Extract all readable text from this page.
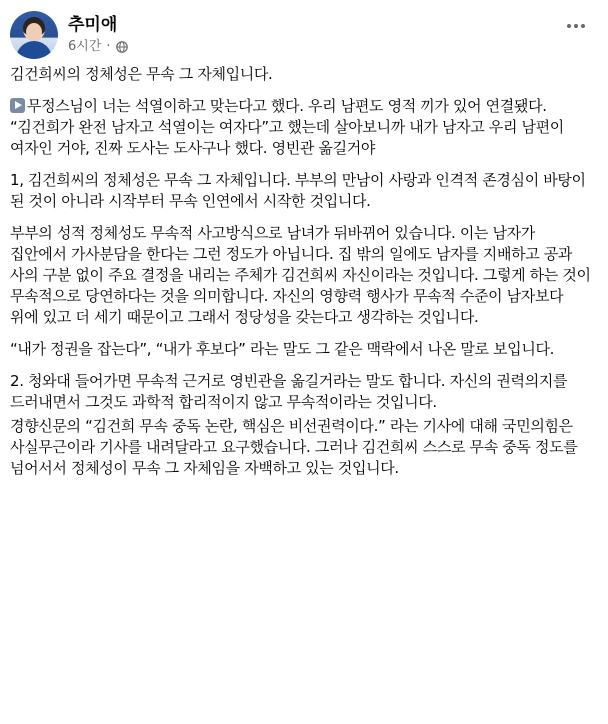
추미애
6시간 ·

김건희씨의 정체성은 무속 그 자체입니다.

무정스님이 너는 석열이하고 맞는다고 했다. 우리 남편도 영적 끼가 있어 연결됐다. “김건희가 완전 남자고 석열이는 여자다”고 했는데 살아보니까 내가 남자고 우리 남편이 여자인 거야, 진짜 도사는 도사구나 했다. 영빈관 옮길거야

1, 김건희씨의 정체성은 무속 그 자체입니다. 부부의 만남이 사랑과 인격적 존경심이 바탕이 된 것이 아니라 시작부터 무속 인연에서 시작한 것입니다.

부부의 성적 정체성도 무속적 사고방식으로 남녀가 뒤바뀌어 있습니다. 이는 남자가 집안에서 가사분담을 한다는 그런 정도가 아닙니다. 집 밖의 일에도 남자를 지배하고 공과 사의 구분 없이 주요 결정을 내리는 주체가 김건희씨 자신이라는 것입니다. 그렇게 하는 것이 무속적으로 당연하다는 것을 의미합니다. 자신의 영향력 행사가 무속적 수준이 남자보다 위에 있고 더 세기 때문이고 그래서 정당성을 갖는다고 생각하는 것입니다.

“내가 정권을 잡는다”, “내가 후보다” 라는 말도 그 같은 맥락에서 나온 말로 보입니다.

2. 청와대 들어가면 무속적 근거로 영빈관을 옮길거라는 말도 합니다. 자신의 권력의지를 드러내면서 그것도 과학적 합리적이지 않고 무속적이라는 것입니다.

경향신문의 “김건희 무속 중독 논란, 핵심은 비선권력이다.” 라는 기사에 대해 국민의힘은 사실무근이라 기사를 내려달라고 요구했습니다. 그러나 김건희씨 스스로 무속 중독 정도를 넘어서서 정체성이 무속 그 자체임을 자백하고 있는 것입니다.
